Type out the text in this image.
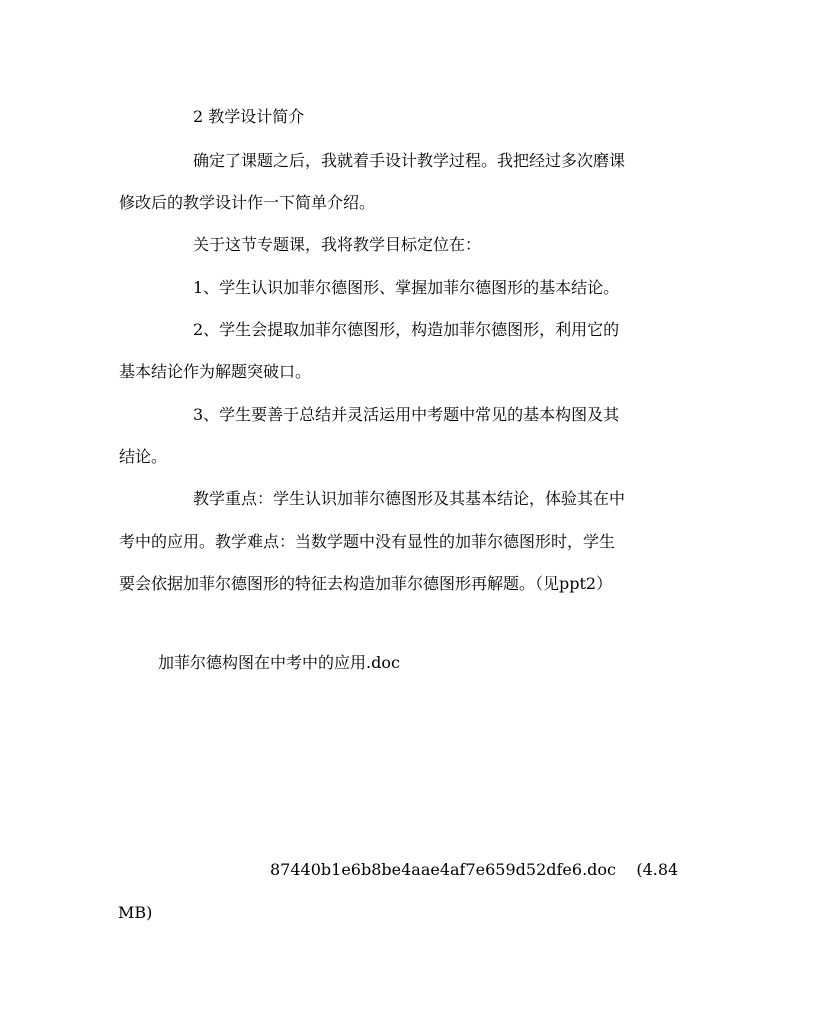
2 教学设计简介

确定了课题之后，我就着手设计教学过程。我把经过多次磨课

修改后的教学设计作一下简单介绍。

关于这节专题课，我将教学目标定位在：

1、学生认识加菲尔德图形、掌握加菲尔德图形的基本结论。

2、学生会提取加菲尔德图形，构造加菲尔德图形，利用它的

基本结论作为解题突破口。

3、学生要善于总结并灵活运用中考题中常见的基本构图及其

结论。

教学重点：学生认识加菲尔德图形及其基本结论，体验其在中

考中的应用。教学难点：当数学题中没有显性的加菲尔德图形时，学生

要会依据加菲尔德图形的特征去构造加菲尔德图形再解题。（见ppt2）

加菲尔德构图在中考中的应用.doc

87440b1e6b8be4aae4af7e659d52dfe6.doc    (4.84

MB)
